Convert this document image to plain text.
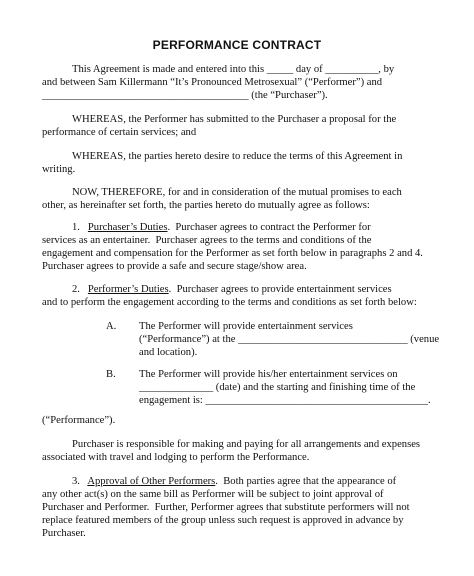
PERFORMANCE CONTRACT
This Agreement is made and entered into this _____ day of __________, by
and between Sam Killermann “It’s Pronounced Metrosexual” (“Performer”) and
_______________________________________ (the “Purchaser”).
WHEREAS, the Performer has submitted to the Purchaser a proposal for the
performance of certain services; and
WHEREAS, the parties hereto desire to reduce the terms of this Agreement in
writing.
NOW, THEREFORE, for and in consideration of the mutual promises to each
other, as hereinafter set forth, the parties hereto do mutually agree as follows:
1. Purchaser’s Duties.  Purchaser agrees to contract the Performer for
services as an entertainer.  Purchaser agrees to the terms and conditions of the
engagement and compensation for the Performer as set forth below in paragraphs 2 and 4.
Purchaser agrees to provide a safe and secure stage/show area.
2. Performer’s Duties.  Purchaser agrees to provide entertainment services
and to perform the engagement according to the terms and conditions as set forth below:
A. The Performer will provide entertainment services
(“Performance”) at the ________________________________ (venue
and location).
B. The Performer will provide his/her entertainment services on
______________ (date) and the starting and finishing time of the
engagement is: __________________________________________.
(“Performance”).
Purchaser is responsible for making and paying for all arrangements and expenses
associated with travel and lodging to perform the Performance.
3. Approval of Other Performers.  Both parties agree that the appearance of
any other act(s) on the same bill as Performer will be subject to joint approval of
Purchaser and Performer.  Further, Performer agrees that substitute performers will not
replace featured members of the group unless such request is approved in advance by
Purchaser.
